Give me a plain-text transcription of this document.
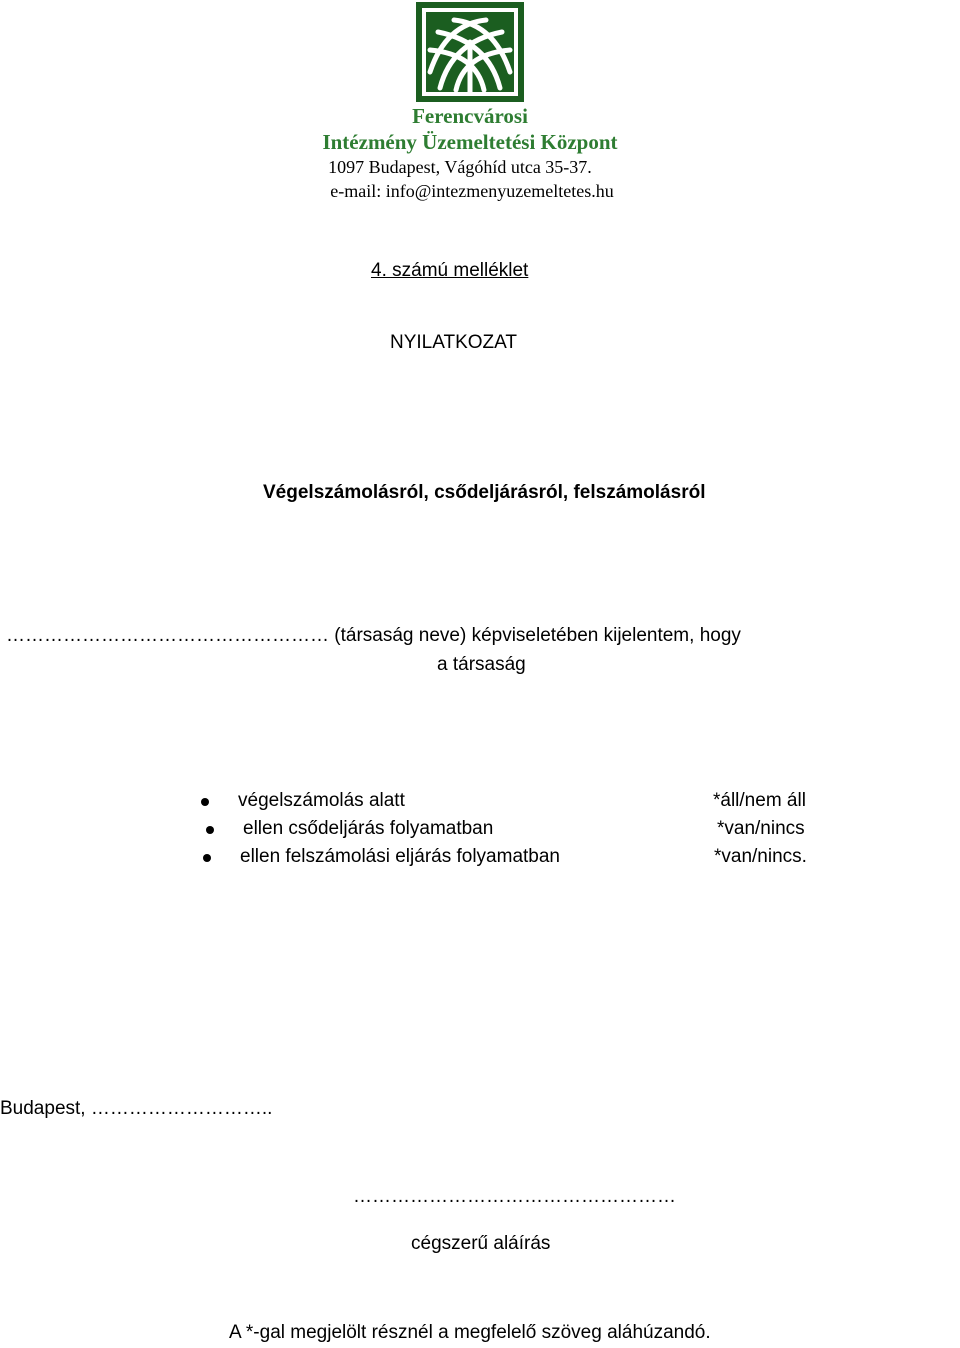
Ferencvárosi
Intézmény Üzemeltetési Központ
1097 Budapest, Vágóhíd utca 35-37.
e-mail: info@intezmenyuzemeltetes.hu
4. számú melléklet
NYILATKOZAT
Végelszámolásról, csődeljárásról, felszámolásról
…………………………………………… (társaság neve) képviseletében kijelentem, hogy
a társaság
végelszámolás alatt	*áll/nem áll
ellen csődeljárás folyamatban	*van/nincs
ellen felszámolási eljárás folyamatban	*van/nincs.
Budapest, ………………………..
……………………………………………
cégszerű aláírás
A *-gal megjelölt résznél a megfelelő szöveg aláhúzandó.
